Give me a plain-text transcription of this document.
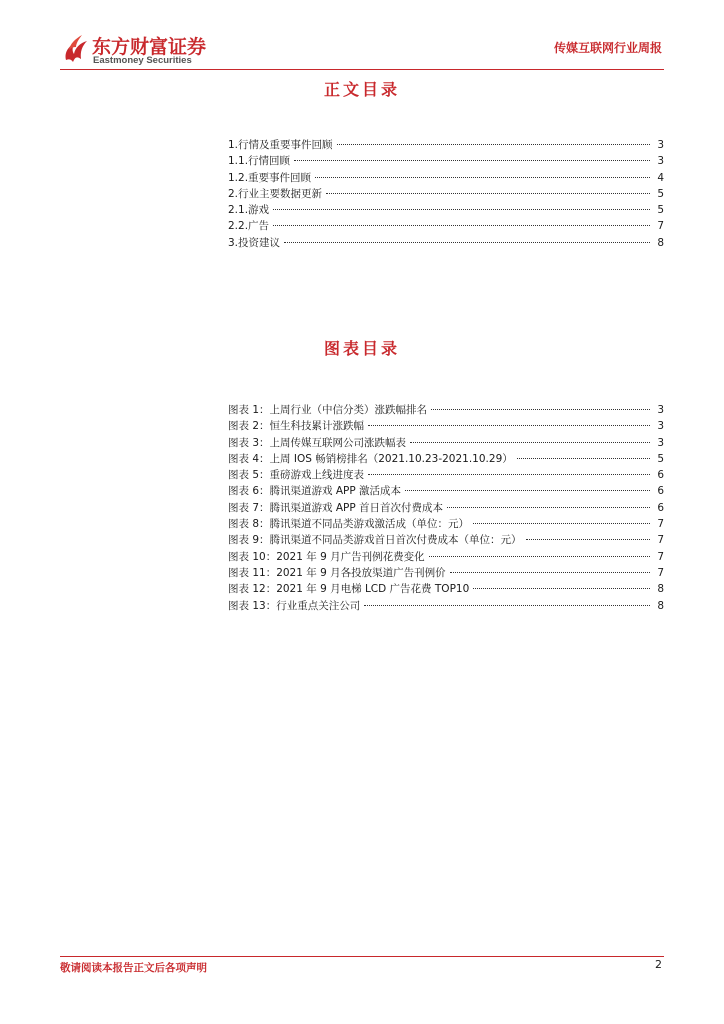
东方财富证券
Eastmoney Securities
传媒互联网行业周报
正文目录
1.行情及重要事件回顾	3
1.1.行情回顾	3
1.2.重要事件回顾	4
2.行业主要数据更新	5
2.1.游戏	5
2.2.广告	7
3.投资建议	8
图表目录
图表 1：上周行业（中信分类）涨跌幅排名	3
图表 2：恒生科技累计涨跌幅	3
图表 3：上周传媒互联网公司涨跌幅表	3
图表 4：上周 IOS 畅销榜排名（2021.10.23-2021.10.29）	5
图表 5：重磅游戏上线进度表	6
图表 6：腾讯渠道游戏 APP 激活成本	6
图表 7：腾讯渠道游戏 APP 首日首次付费成本	6
图表 8：腾讯渠道不同品类游戏激活成（单位：元）	7
图表 9：腾讯渠道不同品类游戏首日首次付费成本（单位：元）	7
图表 10：2021 年 9 月广告刊例花费变化	7
图表 11：2021 年 9 月各投放渠道广告刊例价	7
图表 12：2021 年 9 月电梯 LCD 广告花费 TOP10	8
图表 13：行业重点关注公司	8
敬请阅读本报告正文后各项声明	2
